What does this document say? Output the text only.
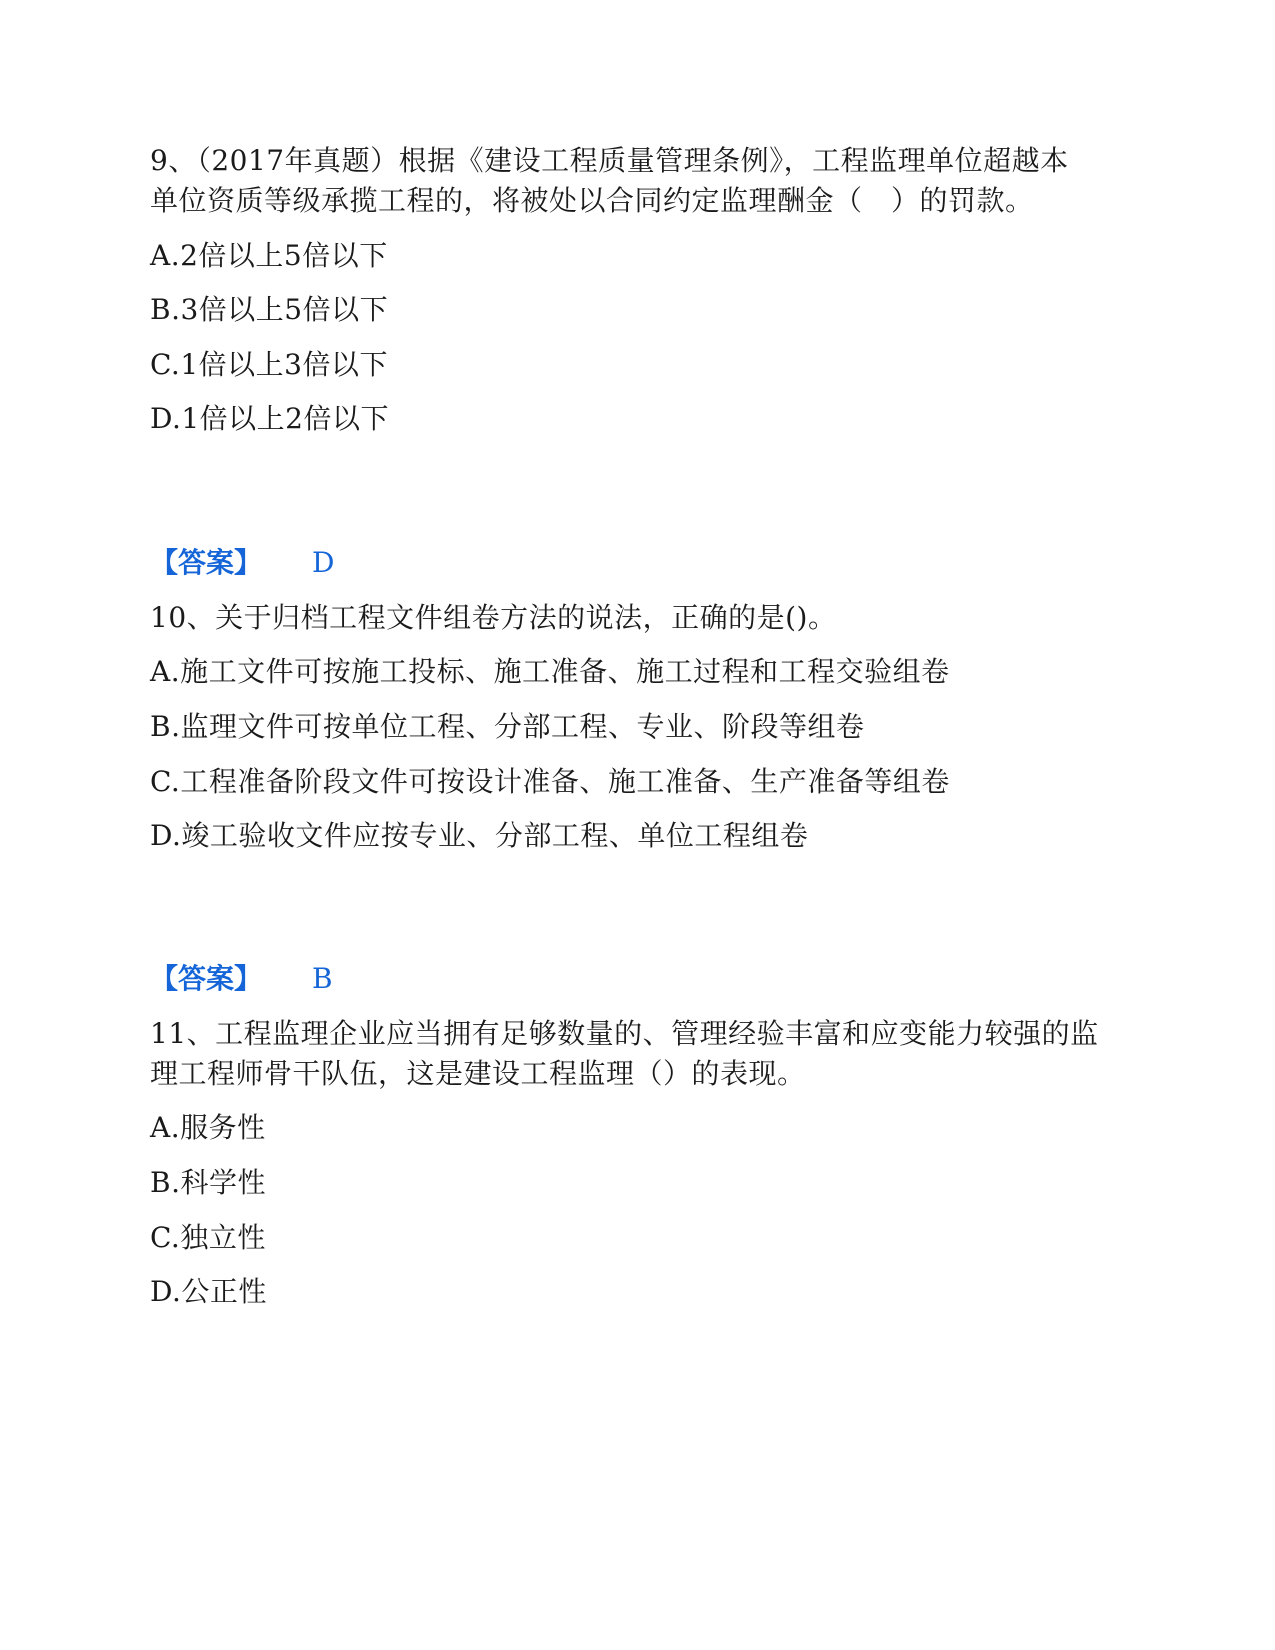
9、（2017年真题）根据《建设工程质量管理条例》，工程监理单位超越本
单位资质等级承揽工程的，将被处以合同约定监理酬金（　）的罚款。
A.2倍以上5倍以下
B.3倍以上5倍以下
C.1倍以上3倍以下
D.1倍以上2倍以下
【答案】 D
10、关于归档工程文件组卷方法的说法，正确的是()。
A.施工文件可按施工投标、施工准备、施工过程和工程交验组卷
B.监理文件可按单位工程、分部工程、专业、阶段等组卷
C.工程准备阶段文件可按设计准备、施工准备、生产准备等组卷
D.竣工验收文件应按专业、分部工程、单位工程组卷
【答案】 B
11、工程监理企业应当拥有足够数量的、管理经验丰富和应变能力较强的监
理工程师骨干队伍，这是建设工程监理（）的表现。
A.服务性
B.科学性
C.独立性
D.公正性
